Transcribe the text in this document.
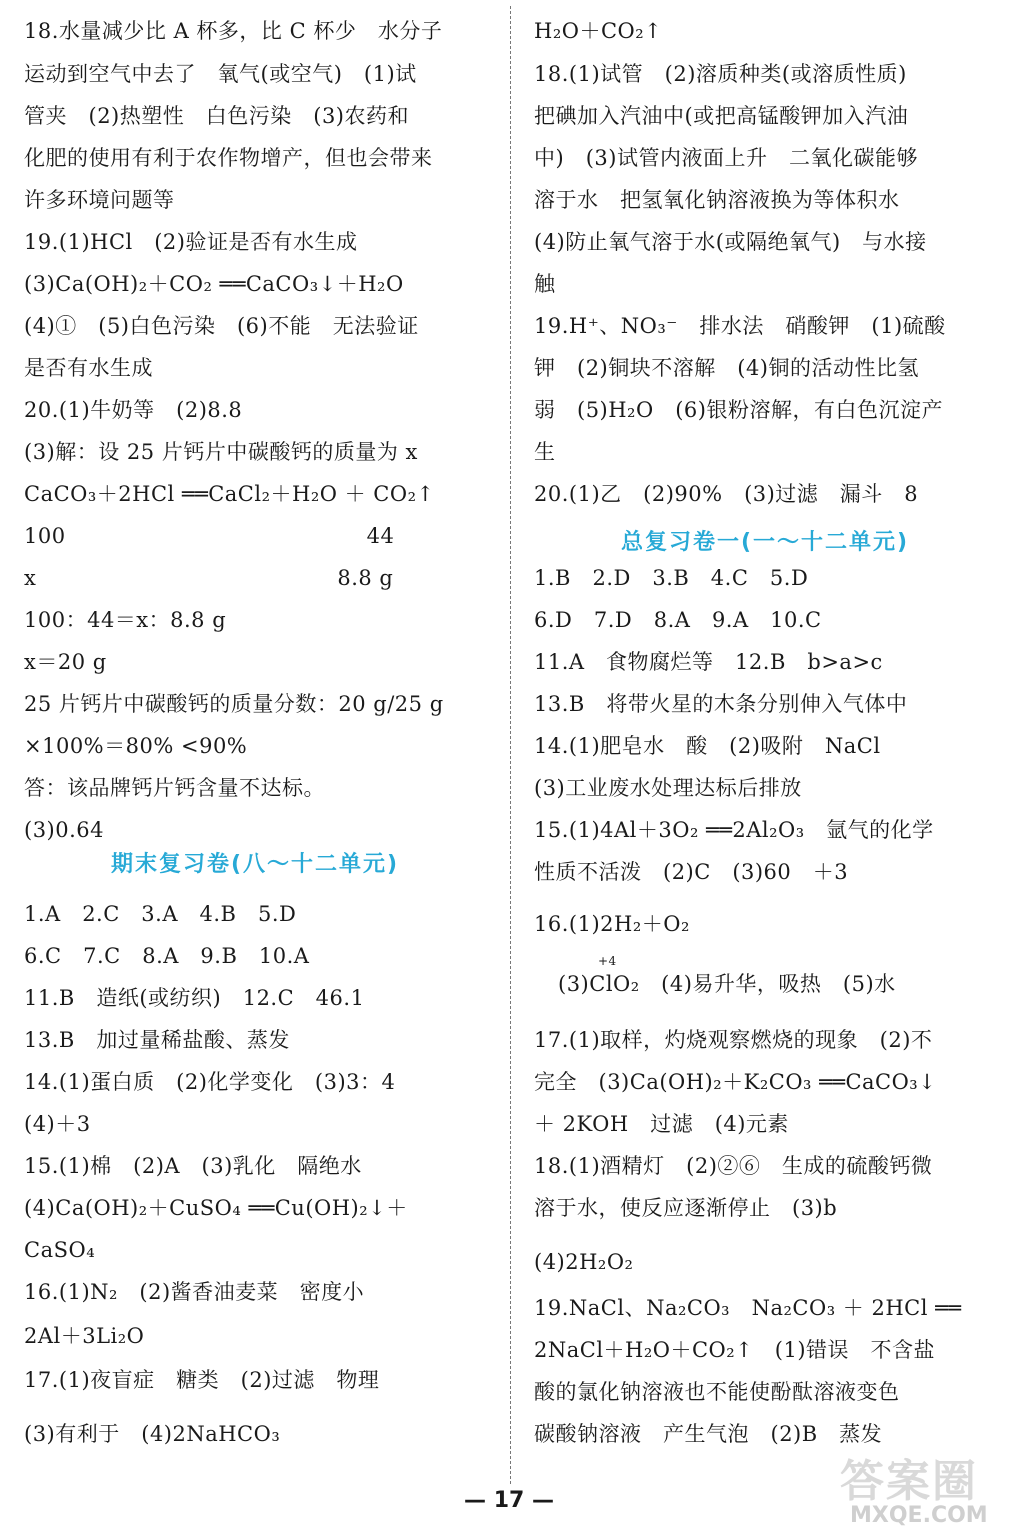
18.水量减少比 A 杯多，比 C 杯少　水分子
运动到空气中去了　氧气(或空气)　(1)试
管夹　(2)热塑性　白色污染　(3)农药和
化肥的使用有利于农作物增产，但也会带来
许多环境问题等
19.(1)HCl　(2)验证是否有水生成
(3)Ca(OH)₂＋CO₂ ══CaCO₃↓＋H₂O
(4)①　(5)白色污染　(6)不能　无法验证
是否有水生成
20.(1)牛奶等　(2)8.8
(3)解：设 25 片钙片中碳酸钙的质量为 x
CaCO₃＋2HCl ══CaCl₂＋H₂O ＋ CO₂↑
100　　　　　　　　　　　　　　44
x　　　　　　　　　　　　　　8.8 g
100：44＝x：8.8 g
x＝20 g
25 片钙片中碳酸钙的质量分数：20 g/25 g
×100%＝80% <90%
答：该品牌钙片钙含量不达标。
(3)0.64
1.A　2.C　3.A　4.B　5.D
6.C　7.C　8.A　9.B　10.A
11.B　造纸(或纺织)　12.C　46.1
13.B　加过量稀盐酸、蒸发
14.(1)蛋白质　(2)化学变化　(3)3：4
(4)＋3
15.(1)棉　(2)A　(3)乳化　隔绝水
(4)Ca(OH)₂＋CuSO₄ ══Cu(OH)₂↓＋
CaSO₄
16.(1)N₂　(2)酱香油麦菜　密度小
2Al＋3Li₂O
17.(1)夜盲症　糖类　(2)过滤　物理
(3)有利于　(4)2NaHCO₃
期末复习卷(八～十二单元)
H₂O＋CO₂↑
18.(1)试管　(2)溶质种类(或溶质性质)
把碘加入汽油中(或把高锰酸钾加入汽油
中)　(3)试管内液面上升　二氧化碳能够
溶于水　把氢氧化钠溶液换为等体积水
(4)防止氧气溶于水(或隔绝氧气)　与水接
触
19.H⁺、NO₃⁻　排水法　硝酸钾　(1)硫酸
钾　(2)铜块不溶解　(4)铜的活动性比氢
弱　(5)H₂O　(6)银粉溶解，有白色沉淀产
生
20.(1)乙　(2)90%　(3)过滤　漏斗　8
1.B　2.D　3.B　4.C　5.D
6.D　7.D　8.A　9.A　10.C
11.A　食物腐烂等　12.B　b>a>c
13.B　将带火星的木条分别伸入气体中
14.(1)肥皂水　酸　(2)吸附　NaCl
(3)工业废水处理达标后排放
15.(1)4Al＋3O₂ ══2Al₂O₃　氩气的化学
性质不活泼　(2)C　(3)60　＋3
16.(1)2H₂＋O₂
+4
(3)ClO₂　(4)易升华，吸热　(5)水
17.(1)取样，灼烧观察燃烧的现象　(2)不
完全　(3)Ca(OH)₂＋K₂CO₃ ══CaCO₃↓
＋ 2KOH　过滤　(4)元素
18.(1)酒精灯　(2)②⑥　生成的硫酸钙微
溶于水，使反应逐渐停止　(3)b
(4)2H₂O₂
19.NaCl、Na₂CO₃　Na₂CO₃ ＋ 2HCl ══
2NaCl＋H₂O＋CO₂↑　(1)错误　不含盐
酸的氯化钠溶液也不能使酚酞溶液变色
碳酸钠溶液　产生气泡　(2)B　蒸发
总复习卷一(一～十二单元)
— 17 —	答案圈
MXQE.COM
